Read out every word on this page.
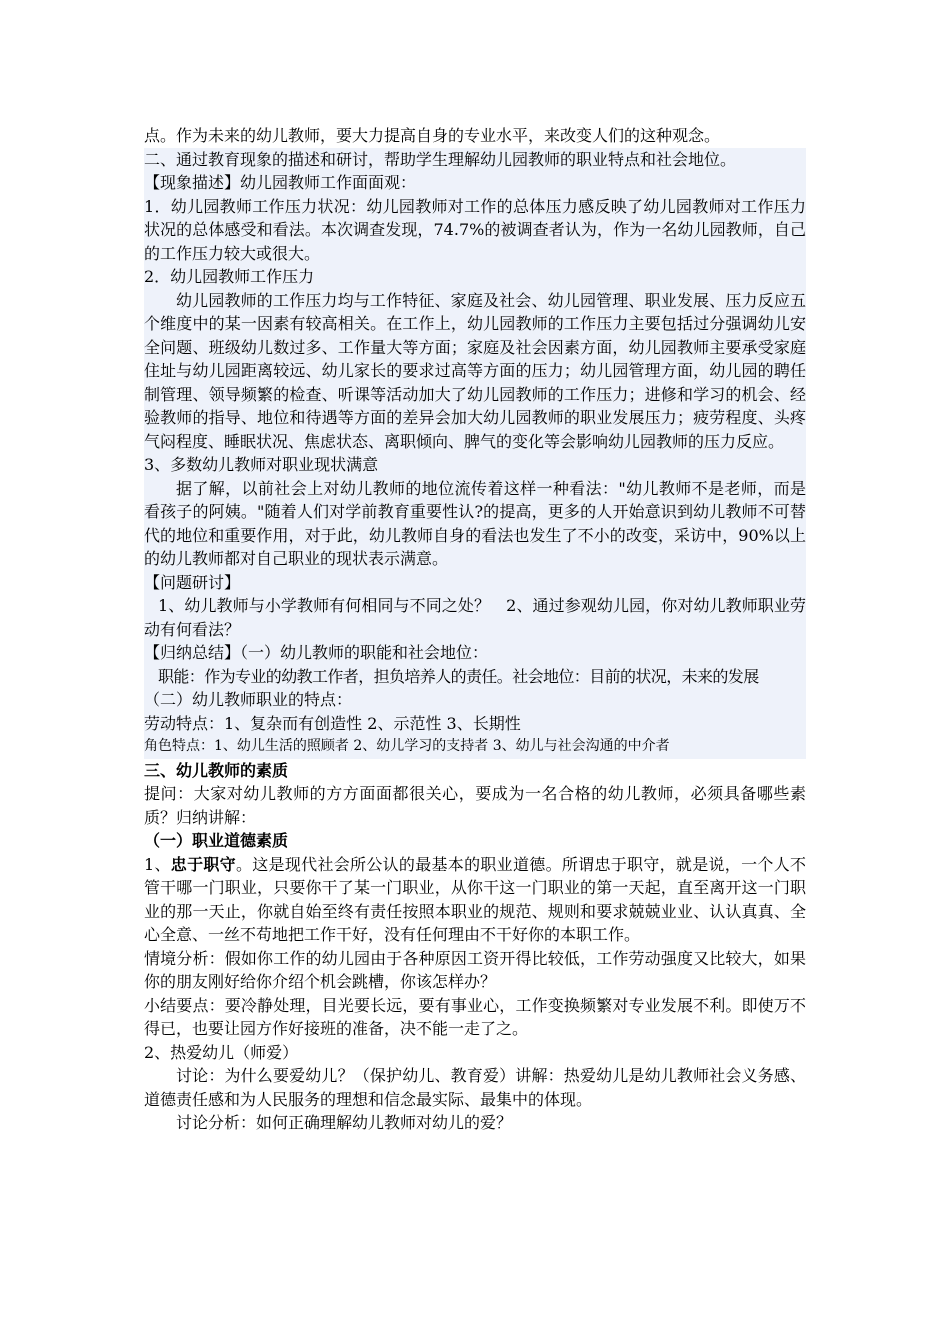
点。作为未来的幼儿教师，要大力提高自身的专业水平，来改变人们的这种观念。

二、通过教育现象的描述和研讨，帮助学生理解幼儿园教师的职业特点和社会地位。

【现象描述】幼儿园教师工作面面观：

1．幼儿园教师工作压力状况：幼儿园教师对工作的总体压力感反映了幼儿园教师对工作压力状况的总体感受和看法。本次调查发现，74.7%的被调查者认为，作为一名幼儿园教师，自己的工作压力较大或很大。

2．幼儿园教师工作压力

幼儿园教师的工作压力均与工作特征、家庭及社会、幼儿园管理、职业发展、压力反应五个维度中的某一因素有较高相关。在工作上，幼儿园教师的工作压力主要包括过分强调幼儿安全问题、班级幼儿数过多、工作量大等方面；家庭及社会因素方面，幼儿园教师主要承受家庭住址与幼儿园距离较远、幼儿家长的要求过高等方面的压力；幼儿园管理方面，幼儿园的聘任制管理、领导频繁的检查、听课等活动加大了幼儿园教师的工作压力；进修和学习的机会、经验教师的指导、地位和待遇等方面的差异会加大幼儿园教师的职业发展压力；疲劳程度、头疼气闷程度、睡眠状况、焦虑状态、离职倾向、脾气的变化等会影响幼儿园教师的压力反应。

3、多数幼儿教师对职业现状满意

据了解，以前社会上对幼儿教师的地位流传着这样一种看法："幼儿教师不是老师，而是看孩子的阿姨。"随着人们对学前教育重要性认?的提高，更多的人开始意识到幼儿教师不可替代的地位和重要作用，对于此，幼儿教师自身的看法也发生了不小的改变，采访中，90%以上的幼儿教师都对自己职业的现状表示满意。

【问题研讨】

1、幼儿教师与小学教师有何相同与不同之处？　2、通过参观幼儿园，你对幼儿教师职业劳动有何看法？

【归纳总结】（一）幼儿教师的职能和社会地位：

职能：作为专业的幼教工作者，担负培养人的责任。社会地位：目前的状况，未来的发展

（二）幼儿教师职业的特点：

劳动特点：1、复杂而有创造性 2、示范性 3、长期性

角色特点：1、幼儿生活的照顾者 2、幼儿学习的支持者 3、幼儿与社会沟通的中介者

三、幼儿教师的素质

提问：大家对幼儿教师的方方面面都很关心，要成为一名合格的幼儿教师，必须具备哪些素质？归纳讲解：

（一）职业道德素质

1、忠于职守。这是现代社会所公认的最基本的职业道德。所谓忠于职守，就是说，一个人不管干哪一门职业，只要你干了某一门职业，从你干这一门职业的第一天起，直至离开这一门职业的那一天止，你就自始至终有责任按照本职业的规范、规则和要求兢兢业业、认认真真、全心全意、一丝不苟地把工作干好，没有任何理由不干好你的本职工作。

情境分析：假如你工作的幼儿园由于各种原因工资开得比较低，工作劳动强度又比较大，如果你的朋友刚好给你介绍个机会跳槽，你该怎样办？

小结要点：要冷静处理，目光要长远，要有事业心，工作变换频繁对专业发展不利。即使万不得已，也要让园方作好接班的准备，决不能一走了之。

2、热爱幼儿（师爱）

讨论：为什么要爱幼儿？（保护幼儿、教育爱）讲解：热爱幼儿是幼儿教师社会义务感、道德责任感和为人民服务的理想和信念最实际、最集中的体现。

讨论分析：如何正确理解幼儿教师对幼儿的爱？
